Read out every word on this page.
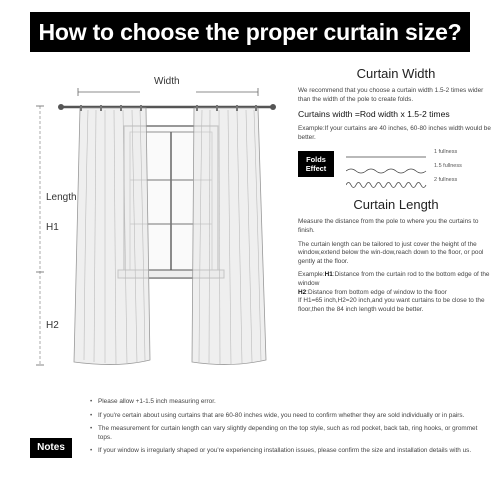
How to choose the proper curtain size?
Width
Length
H1
H2
Curtain Width

We recommend that you choose a curtain width 1.5-2 times wider than the width of the pole to create folds.

Curtains width =Rod width x 1.5-2 times

Example:If your curtains are 40 inches, 60-80 inches width would be better.

Folds Effect
1 fullness
1.5 fullness
2 fullness
Curtain Length

Measure the distance from the pole to where you the curtains to finish.

The curtain length can be tailored to just cover the height of the window,extend below the win-dow,reach down to the floor, or pool gently at the floor.

Example:H1:Distance from the curtain rod to the bottom edge of the window
H2:Distance from bottom edge of window to the floor
If H1=65 inch,H2=20 inch,and you want curtains to be close to the floor,then the 84 inch length would be better.

Notes
• Please allow +1-1.5 inch measuring error.
• If you're certain about using curtains that are 60-80 inches wide, you need to confirm whether they are sold individually or in pairs.
• The measurement for curtain length can vary slightly depending on the top style, such as rod pocket, back tab, ring hooks, or grommet tops.
• If your window is irregularly shaped or you're experiencing installation issues, please confirm the size and installation details with us.
